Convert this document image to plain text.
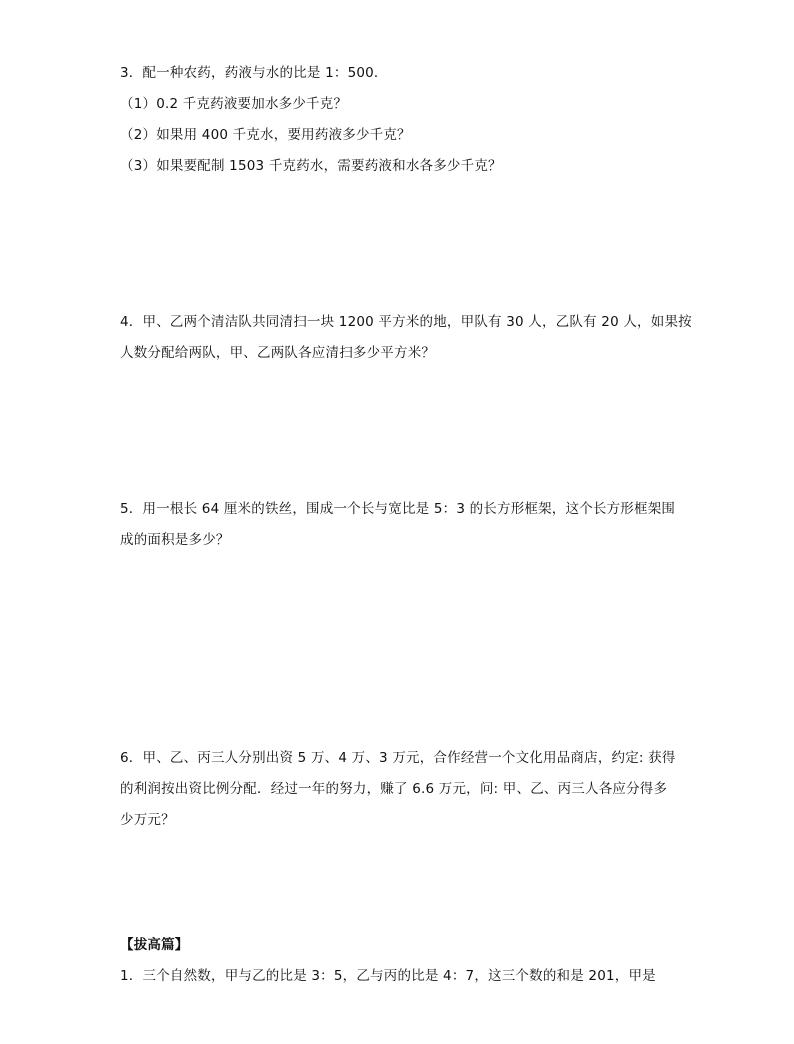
3．配一种农药，药液与水的比是 1：500．
（1）0.2 千克药液要加水多少千克？
（2）如果用 400 千克水，要用药液多少千克？
（3）如果要配制 1503 千克药水，需要药液和水各多少千克？
4．甲、乙两个清洁队共同清扫一块 1200 平方米的地，甲队有 30 人，乙队有 20 人，如果按
人数分配给两队，甲、乙两队各应清扫多少平方米？
5．用一根长 64 厘米的铁丝，围成一个长与宽比是 5：3 的长方形框架，这个长方形框架围
成的面积是多少？
6．甲、乙、丙三人分别出资 5 万、4 万、3 万元，合作经营一个文化用品商店，约定: 获得
的利润按出资比例分配．经过一年的努力，赚了 6.6 万元，问: 甲、乙、丙三人各应分得多
少万元？
【拔高篇】
1．三个自然数，甲与乙的比是 3：5，乙与丙的比是 4：7，这三个数的和是 201，甲是
